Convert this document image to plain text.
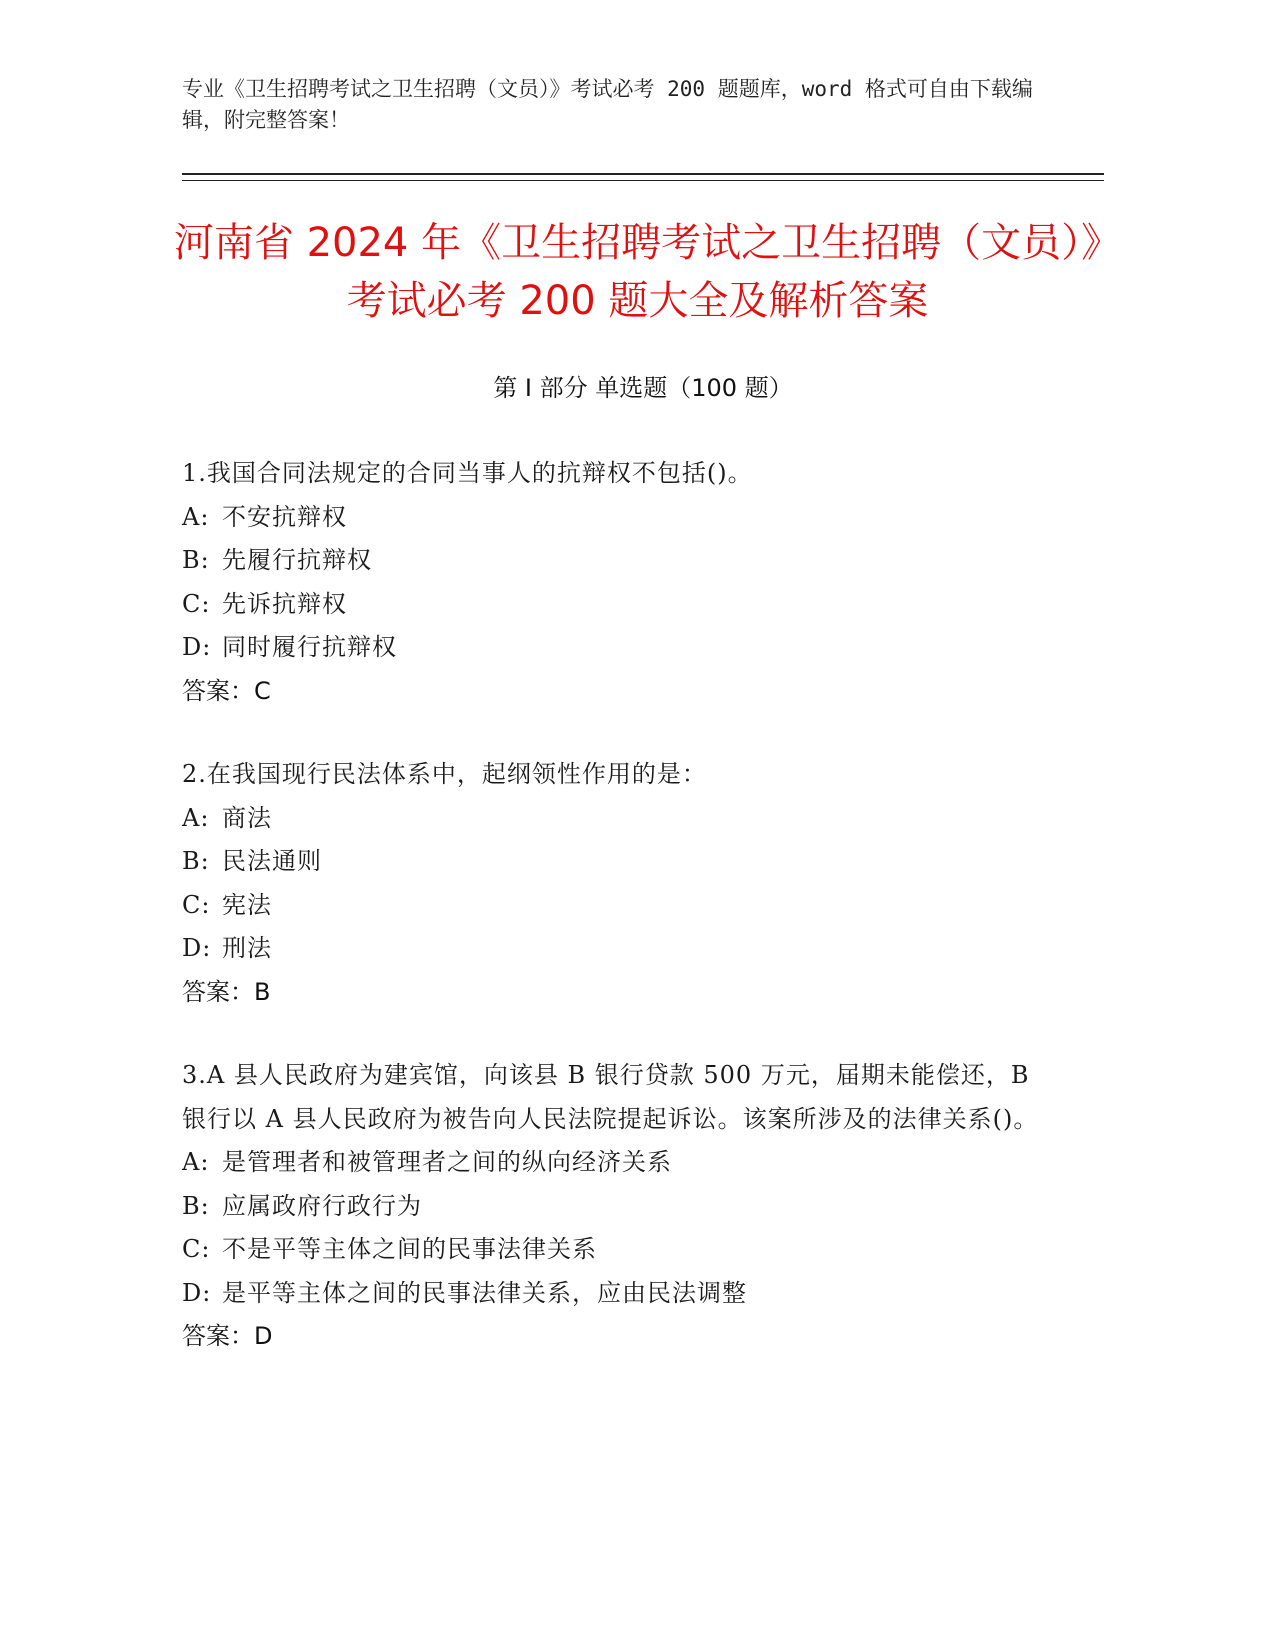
专业《卫生招聘考试之卫生招聘（文员）》考试必考 200 题题库，word 格式可自由下载编辑，附完整答案！
河南省 2024 年《卫生招聘考试之卫生招聘（文员）》考试必考 200 题大全及解析答案
第 I 部分 单选题（100 题）
1.我国合同法规定的合同当事人的抗辩权不包括()。
A: 不安抗辩权
B: 先履行抗辩权
C: 先诉抗辩权
D: 同时履行抗辩权
答案：C
2.在我国现行民法体系中，起纲领性作用的是：
A: 商法
B: 民法通则
C: 宪法
D: 刑法
答案：B
3.A 县人民政府为建宾馆，向该县 B 银行贷款 500 万元，届期未能偿还，B 银行以 A 县人民政府为被告向人民法院提起诉讼。该案所涉及的法律关系()。
A: 是管理者和被管理者之间的纵向经济关系
B: 应属政府行政行为
C: 不是平等主体之间的民事法律关系
D: 是平等主体之间的民事法律关系，应由民法调整
答案：D
